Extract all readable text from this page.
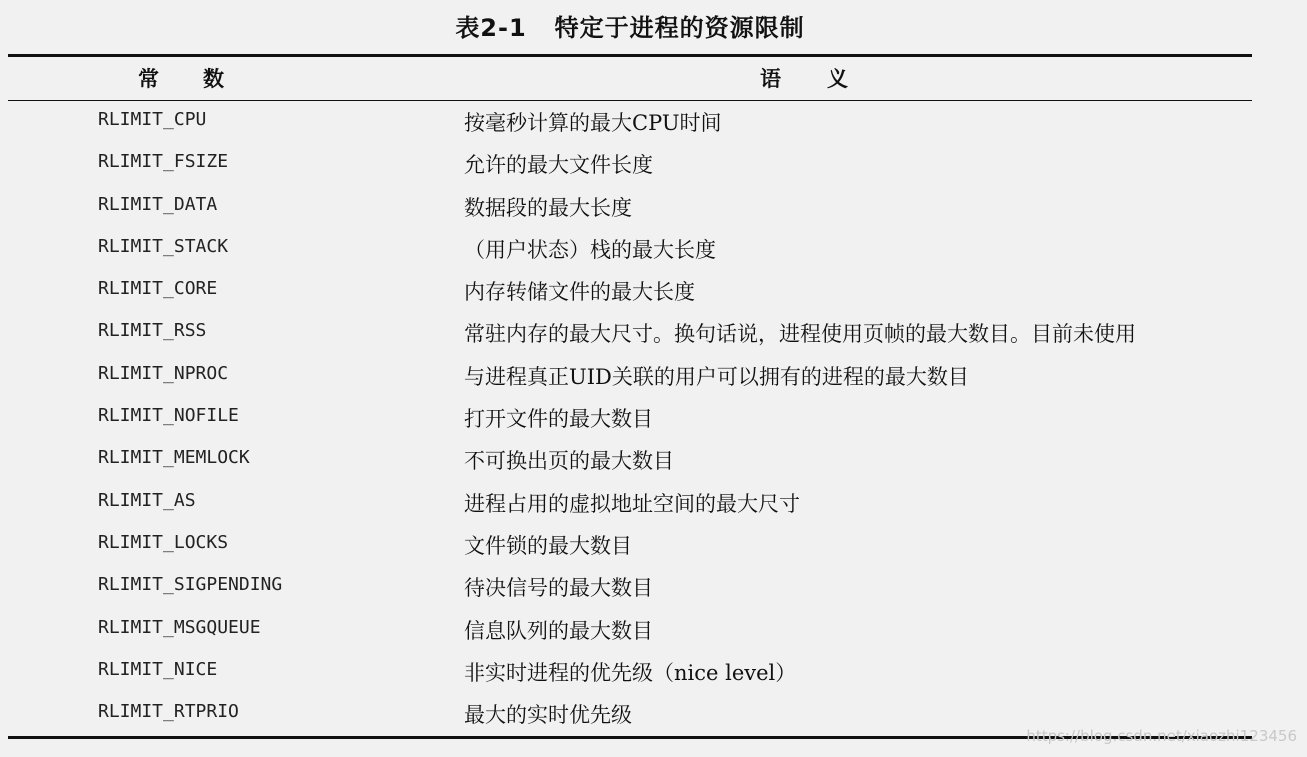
表2-1 特定于进程的资源限制
常数	语义
RLIMIT_CPU	按毫秒计算的最大CPU时间
RLIMIT_FSIZE	允许的最大文件长度
RLIMIT_DATA	数据段的最大长度
RLIMIT_STACK	（用户状态）栈的最大长度
RLIMIT_CORE	内存转储文件的最大长度
RLIMIT_RSS	常驻内存的最大尺寸。换句话说，进程使用页帧的最大数目。目前未使用
RLIMIT_NPROC	与进程真正UID关联的用户可以拥有的进程的最大数目
RLIMIT_NOFILE	打开文件的最大数目
RLIMIT_MEMLOCK	不可换出页的最大数目
RLIMIT_AS	进程占用的虚拟地址空间的最大尺寸
RLIMIT_LOCKS	文件锁的最大数目
RLIMIT_SIGPENDING	待决信号的最大数目
RLIMIT_MSGQUEUE	信息队列的最大数目
RLIMIT_NICE	非实时进程的优先级（nice level）
RLIMIT_RTPRIO	最大的实时优先级
https://blog.csdn.net/xiaozhi123456
